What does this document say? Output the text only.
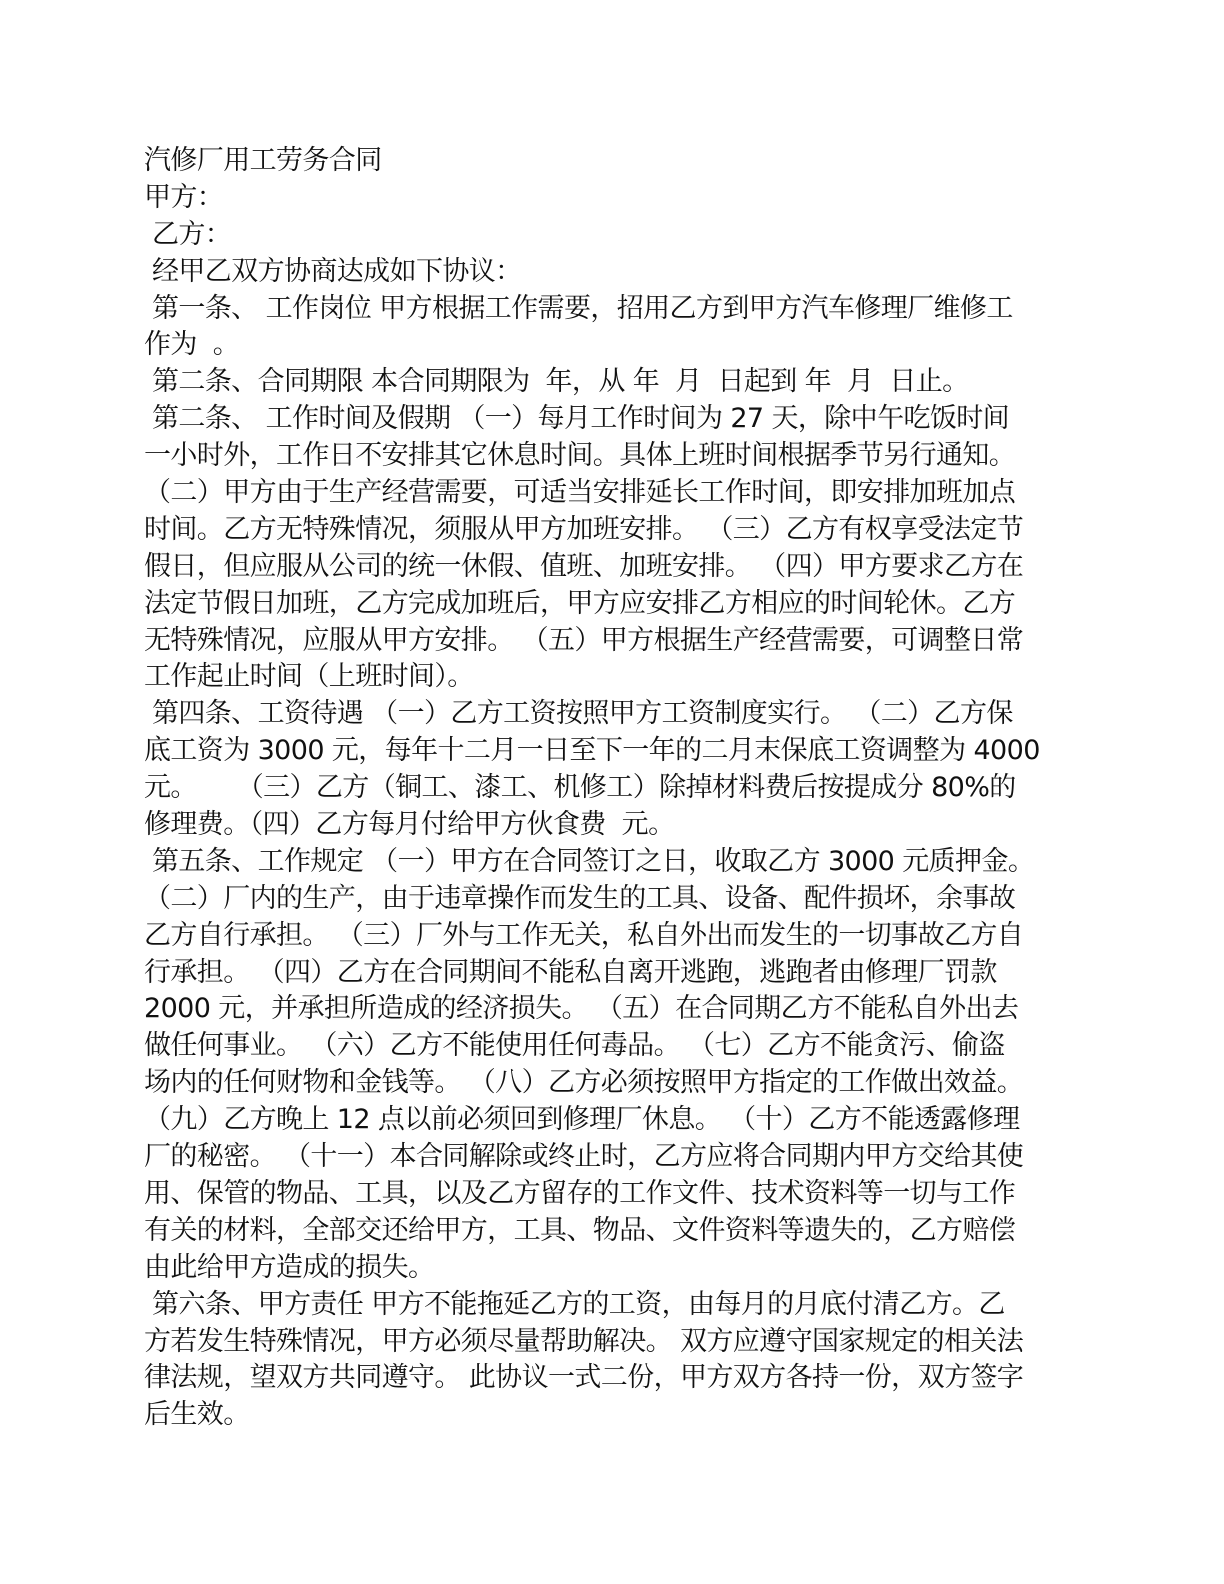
汽修厂用工劳务合同
甲方：
乙方：
经甲乙双方协商达成如下协议：
第一条、 工作岗位 甲方根据工作需要，招用乙方到甲方汽车修理厂维修工
作为  。
第二条、合同期限 本合同期限为  年，从 年  月  日起到 年  月  日止。
第二条、 工作时间及假期 （一）每月工作时间为 27 天，除中午吃饭时间
一小时外，工作日不安排其它休息时间。具体上班时间根据季节另行通知。
（二）甲方由于生产经营需要，可适当安排延长工作时间，即安排加班加点
时间。乙方无特殊情况，须服从甲方加班安排。 （三）乙方有权享受法定节
假日，但应服从公司的统一休假、值班、加班安排。 （四）甲方要求乙方在
法定节假日加班，乙方完成加班后，甲方应安排乙方相应的时间轮休。乙方
无特殊情况，应服从甲方安排。 （五）甲方根据生产经营需要，可调整日常
工作起止时间（上班时间）。
第四条、工资待遇 （一）乙方工资按照甲方工资制度实行。 （二）乙方保
底工资为 3000 元，每年十二月一日至下一年的二月末保底工资调整为 4000
元。     （三）乙方（铜工、漆工、机修工）除掉材料费后按提成分 80%的
修理费。（四）乙方每月付给甲方伙食费  元。
第五条、工作规定 （一）甲方在合同签订之日，收取乙方 3000 元质押金。
（二）厂内的生产，由于违章操作而发生的工具、设备、配件损坏，余事故
乙方自行承担。 （三）厂外与工作无关，私自外出而发生的一切事故乙方自
行承担。 （四）乙方在合同期间不能私自离开逃跑，逃跑者由修理厂罚款
2000 元，并承担所造成的经济损失。 （五）在合同期乙方不能私自外出去
做任何事业。 （六）乙方不能使用任何毒品。 （七）乙方不能贪污、偷盗
场内的任何财物和金钱等。 （八）乙方必须按照甲方指定的工作做出效益。
（九）乙方晚上 12 点以前必须回到修理厂休息。 （十）乙方不能透露修理
厂的秘密。 （十一）本合同解除或终止时，乙方应将合同期内甲方交给其使
用、保管的物品、工具，以及乙方留存的工作文件、技术资料等一切与工作
有关的材料，全部交还给甲方，工具、物品、文件资料等遗失的，乙方赔偿
由此给甲方造成的损失。
第六条、甲方责任 甲方不能拖延乙方的工资，由每月的月底付清乙方。乙
方若发生特殊情况，甲方必须尽量帮助解决。 双方应遵守国家规定的相关法
律法规，望双方共同遵守。 此协议一式二份，甲方双方各持一份，双方签字
后生效。
